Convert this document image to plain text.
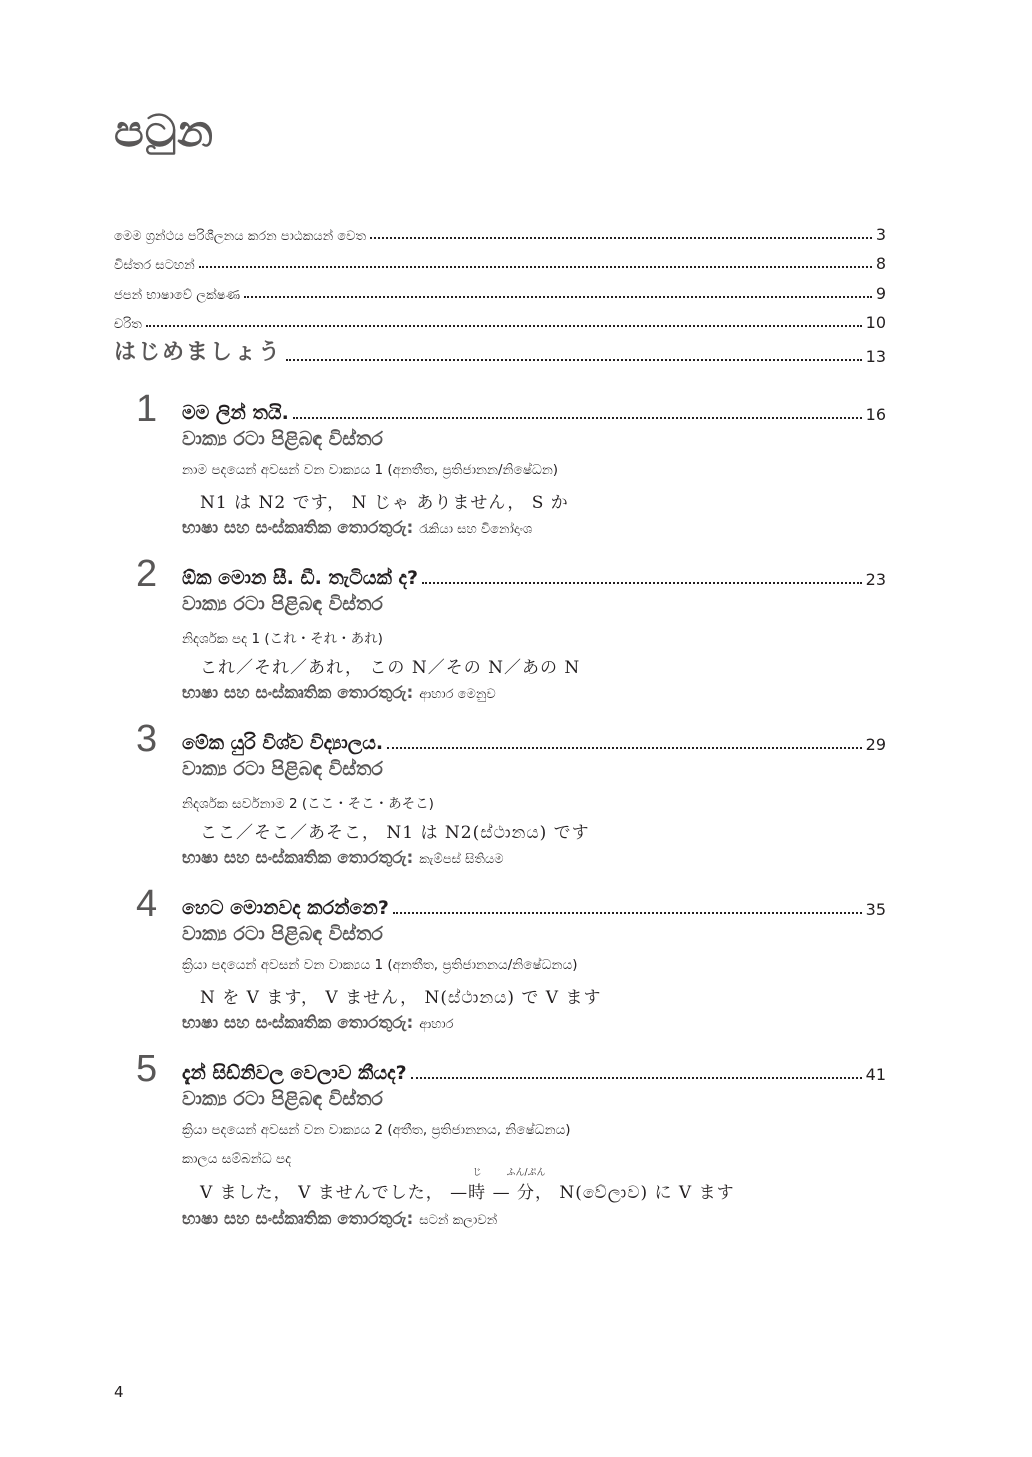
පටුන
මෙම ග්‍රන්ථය පරිශීලනය කරන පාඨකයන් වෙත	3
විස්තර සටහන්	8
ජපන් භාෂාවේ ලක්ෂණ	9
චරිත	10
はじめましょう	13
1 මම ලින් තයි.	16
වාක්‍ය රටා පිළිබඳ විස්තර
නාම පදයෙන් අවසන් වන වාක්‍යය 1 (අනතීත, ප්‍රතිජානන/නිෂේධන)
N1 は N2 です， N じゃ ありません， S か
භාෂා සහ සංස්කෘතික තොරතුරු: රැකියා සහ විනෝදාංශ
2 ඕක මොන සී. ඩී. තැටියක් ද?	23
වාක්‍ය රටා පිළිබඳ විස්තර
නිදර්ශක පද 1 (これ・それ・あれ)
これ／それ／あれ， この N／その N／あの N
භාෂා සහ සංස්කෘතික තොරතුරු: ආහාර මෙනුව
3 මේක යුරි විශ්ව විද්‍යාලය.	29
වාක්‍ය රටා පිළිබඳ විස්තර
නිදර්ශක සර්වනාම 2 (ここ・そこ・あそこ)
ここ／そこ／あそこ， N1 は N2(ස්ථානය) です
භාෂා සහ සංස්කෘතික තොරතුරු: කැම්පස් සිතියම
4 හෙට මොනවද කරන්නෙ?	35
වාක්‍ය රටා පිළිබඳ විස්තර
ක්‍රියා පදයෙන් අවසන් වන වාක්‍යය 1 (අනතීත, ප්‍රතිජානනය/නිෂේධනය)
N を V ます， V ません， N(ස්ථානය) で V ます
භාෂා සහ සංස්කෘතික තොරතුරු: ආහාර
5 දැන් සිඩ්නිවල වෙලාව කීයද?	41
වාක්‍ය රටා පිළිබඳ විස්තර
ක්‍රියා පදයෙන් අවසන් වන වාක්‍යය 2 (අතීත, ප්‍රතිජානනය, නිෂේධනය)
කාලය සම්බන්ධ පද
V ました， V ませんでした， —
じ
時 —
ふん/ぷん
分， N(වේලාව) に V ます
භාෂා සහ සංස්කෘතික තොරතුරු: සටන් කලාවන්
4
